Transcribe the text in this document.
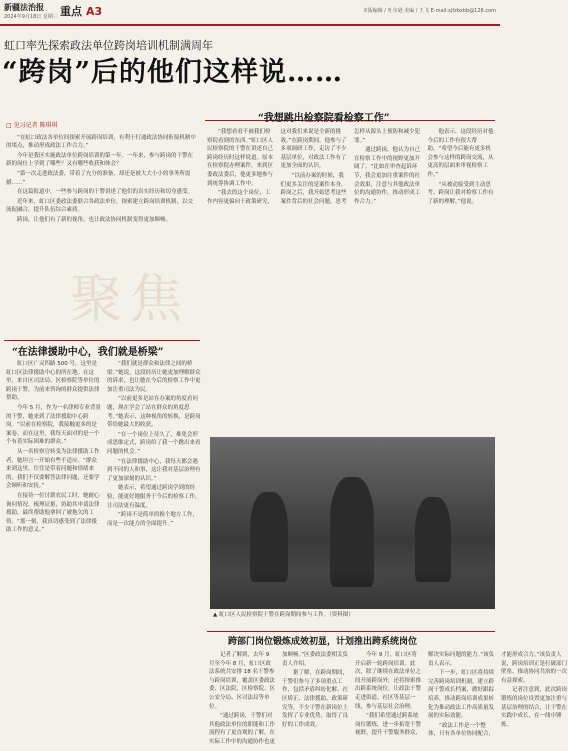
新疆法治报
2024年9月18日 星期三 重点 A3	本版编辑 / 吐尔逊 美编 / 王飞 E-mail:xjfzbxbb@126.com
虹口率先探索政法单位跨岗培训机制满周年
“跨岗”后的他们这样说……
□ 见习记者 陈琪琪

“在虹口政法各单位间探索开展跨岗培训，有利于打通政法协同衔接机制中的堵点，推动形成政法工作合力。”

今年是我区实施政法单位跨岗培训的第一年。一年来，参与跨岗的干警在新的岗位上学到了哪些？又有哪些收获和体会？

“第一次走进政法委，带着了充分的准备，却还是被大大小小的事务所震撼……”

在这篇报道中，一些参与跨岗的干警讲述了他们的真实经历和切身感受。

近年来，虹口区委政法委联合各政法单位，探索建立跨岗培训机制，以交流促融合，提升队伍综合素质。

跨岗，让他们有了新的视角，也让政法协同机制变得更加顺畅。

聚焦
“我想跳出检察院看检察工作”

“我想看看不被我们检察院看到的东西。”虹口区人民检察院的干警在讲述自己跨岗经历时这样说道。原本在检察院办理案件，来到区委政法委后，他更多地参与到统筹协调工作中。

“我去的这个岗位，工作内容更偏向于政策研究，这对我们来说是全新的挑战。”在跨岗期间，他参与了多项调研工作，走访了不少基层单位，对政法工作有了更加全面的认识。

“以前办案的时候，我们更多关注的是案件本身。跨岗之后，我开始思考这些案件背后的社会问题，思考怎样从源头上预防和减少犯罪。”

通过跨岗，他认为自己在检察工作中的视野更加开阔了。“比如在审查起诉环节，我会更加注重案件的社会效果，注意与其他政法单位的沟通协作，推动形成工作合力。”

他表示，这段经历对他今后的工作有很大帮助，“希望今后能有更多机会参与这样的跨岗交流，从更高的层面来审视检察工作。”

“从被动接受到主动思考，跨岗让我对检察工作有了新的理解。”他说。

“在法律援助中心，我们就是桥梁”

虹口区广灵四路 500 号，这里是虹口区法律援助中心的所在地。在这里，来自区司法局、区检察院等单位的跨岗干警，为前来咨询的群众提供法律帮助。

今年 5 月，作为一名律师专业背景的干警，她来到了法律援助中心跨岗。“以前在检察院，我接触更多的是案卷，而在这里，我每天面对的是一个个有着实际困难的群众。”

从一名检察官转变为法律援助工作者，她坦言一开始有些不适应。“群众来到这里，往往是带着问题和情绪来的，我们不仅要解答法律问题，还要学会倾听和安抚。”

在接待一位讨薪农民工时，她耐心询问情况、梳理证据，协助其申请法律援助，最终帮助他拿回了被拖欠的工资。“那一刻，我真切感受到了法律援助工作的意义。”

“我们就是群众和法律之间的桥梁。”她说，这段经历让她更加理解群众的诉求，也让她在今后的检察工作中更加注重司法为民。

“以前更多是站在办案的角度看问题，现在学会了站在群众的角度思考。”她表示，这种视角的转换，是跨岗带给她最大的收获。

“在一个岗位上待久了，难免会形成思维定式，跨岗给了我一个跳出来看问题的机会。”

“在法律援助中心，我每天都会遇到不同的人和事，这让我对基层治理有了更加深刻的认识。”

她表示，希望通过跨岗学到的经验，能更好地服务于今后的检察工作，让司法更有温度。

“跨岗不是简单的换个地方工作，而是一次能力的全面提升。”

▲ 虹口区人民检察院干警在跨岗期间参与工作。（资料图）
跨部门岗位锻炼成效初显，计划推出跨系统岗位

记者了解到，去年 9 月至今年 8 月，虹口区政法系统共安排 18 名干警参与跨岗培训，覆盖区委政法委、区法院、区检察院、区公安分局、区司法局等单位。

“通过跨岗，干警们对其他政法单位的职能和工作流程有了更直观的了解，在实际工作中的沟通协作也更加顺畅。”区委政法委相关负责人介绍。

据了解，在跨岗期间，干警们参与了多项重点工作，包括矛盾纠纷化解、社区矫正、法律援助、政策研究等，不少干警在新岗位上发挥了专业优势，取得了良好的工作成效。

今年 9 月，虹口区将开启新一轮跨岗培训。此次，除了继续在政法单位之间开展跨岗外，还将探索推出跨系统岗位，让政法干警走进街道、社区等基层一线，参与基层社会治理。

“我们希望通过跨系统岗位锻炼，进一步拓宽干警视野，提升干警服务群众、解决实际问题的能力。”该负责人表示。

下一步，虹口区将持续完善跨岗培训机制，建立跨岗干警成长档案，做好跟踪培养，推动跨岗培训成果转化为推动政法工作高质量发展的实际效能。

“政法工作是一个整体，只有各单位协同配合，才能形成合力。”该负责人说，跨岗培训正是打破部门壁垒、推动协同共治的一次有益探索。

记者注意到，此次跨岗锻炼的岗位设置更加注重与基层治理的结合，让干警在实践中成长，在一线中锤炼。
